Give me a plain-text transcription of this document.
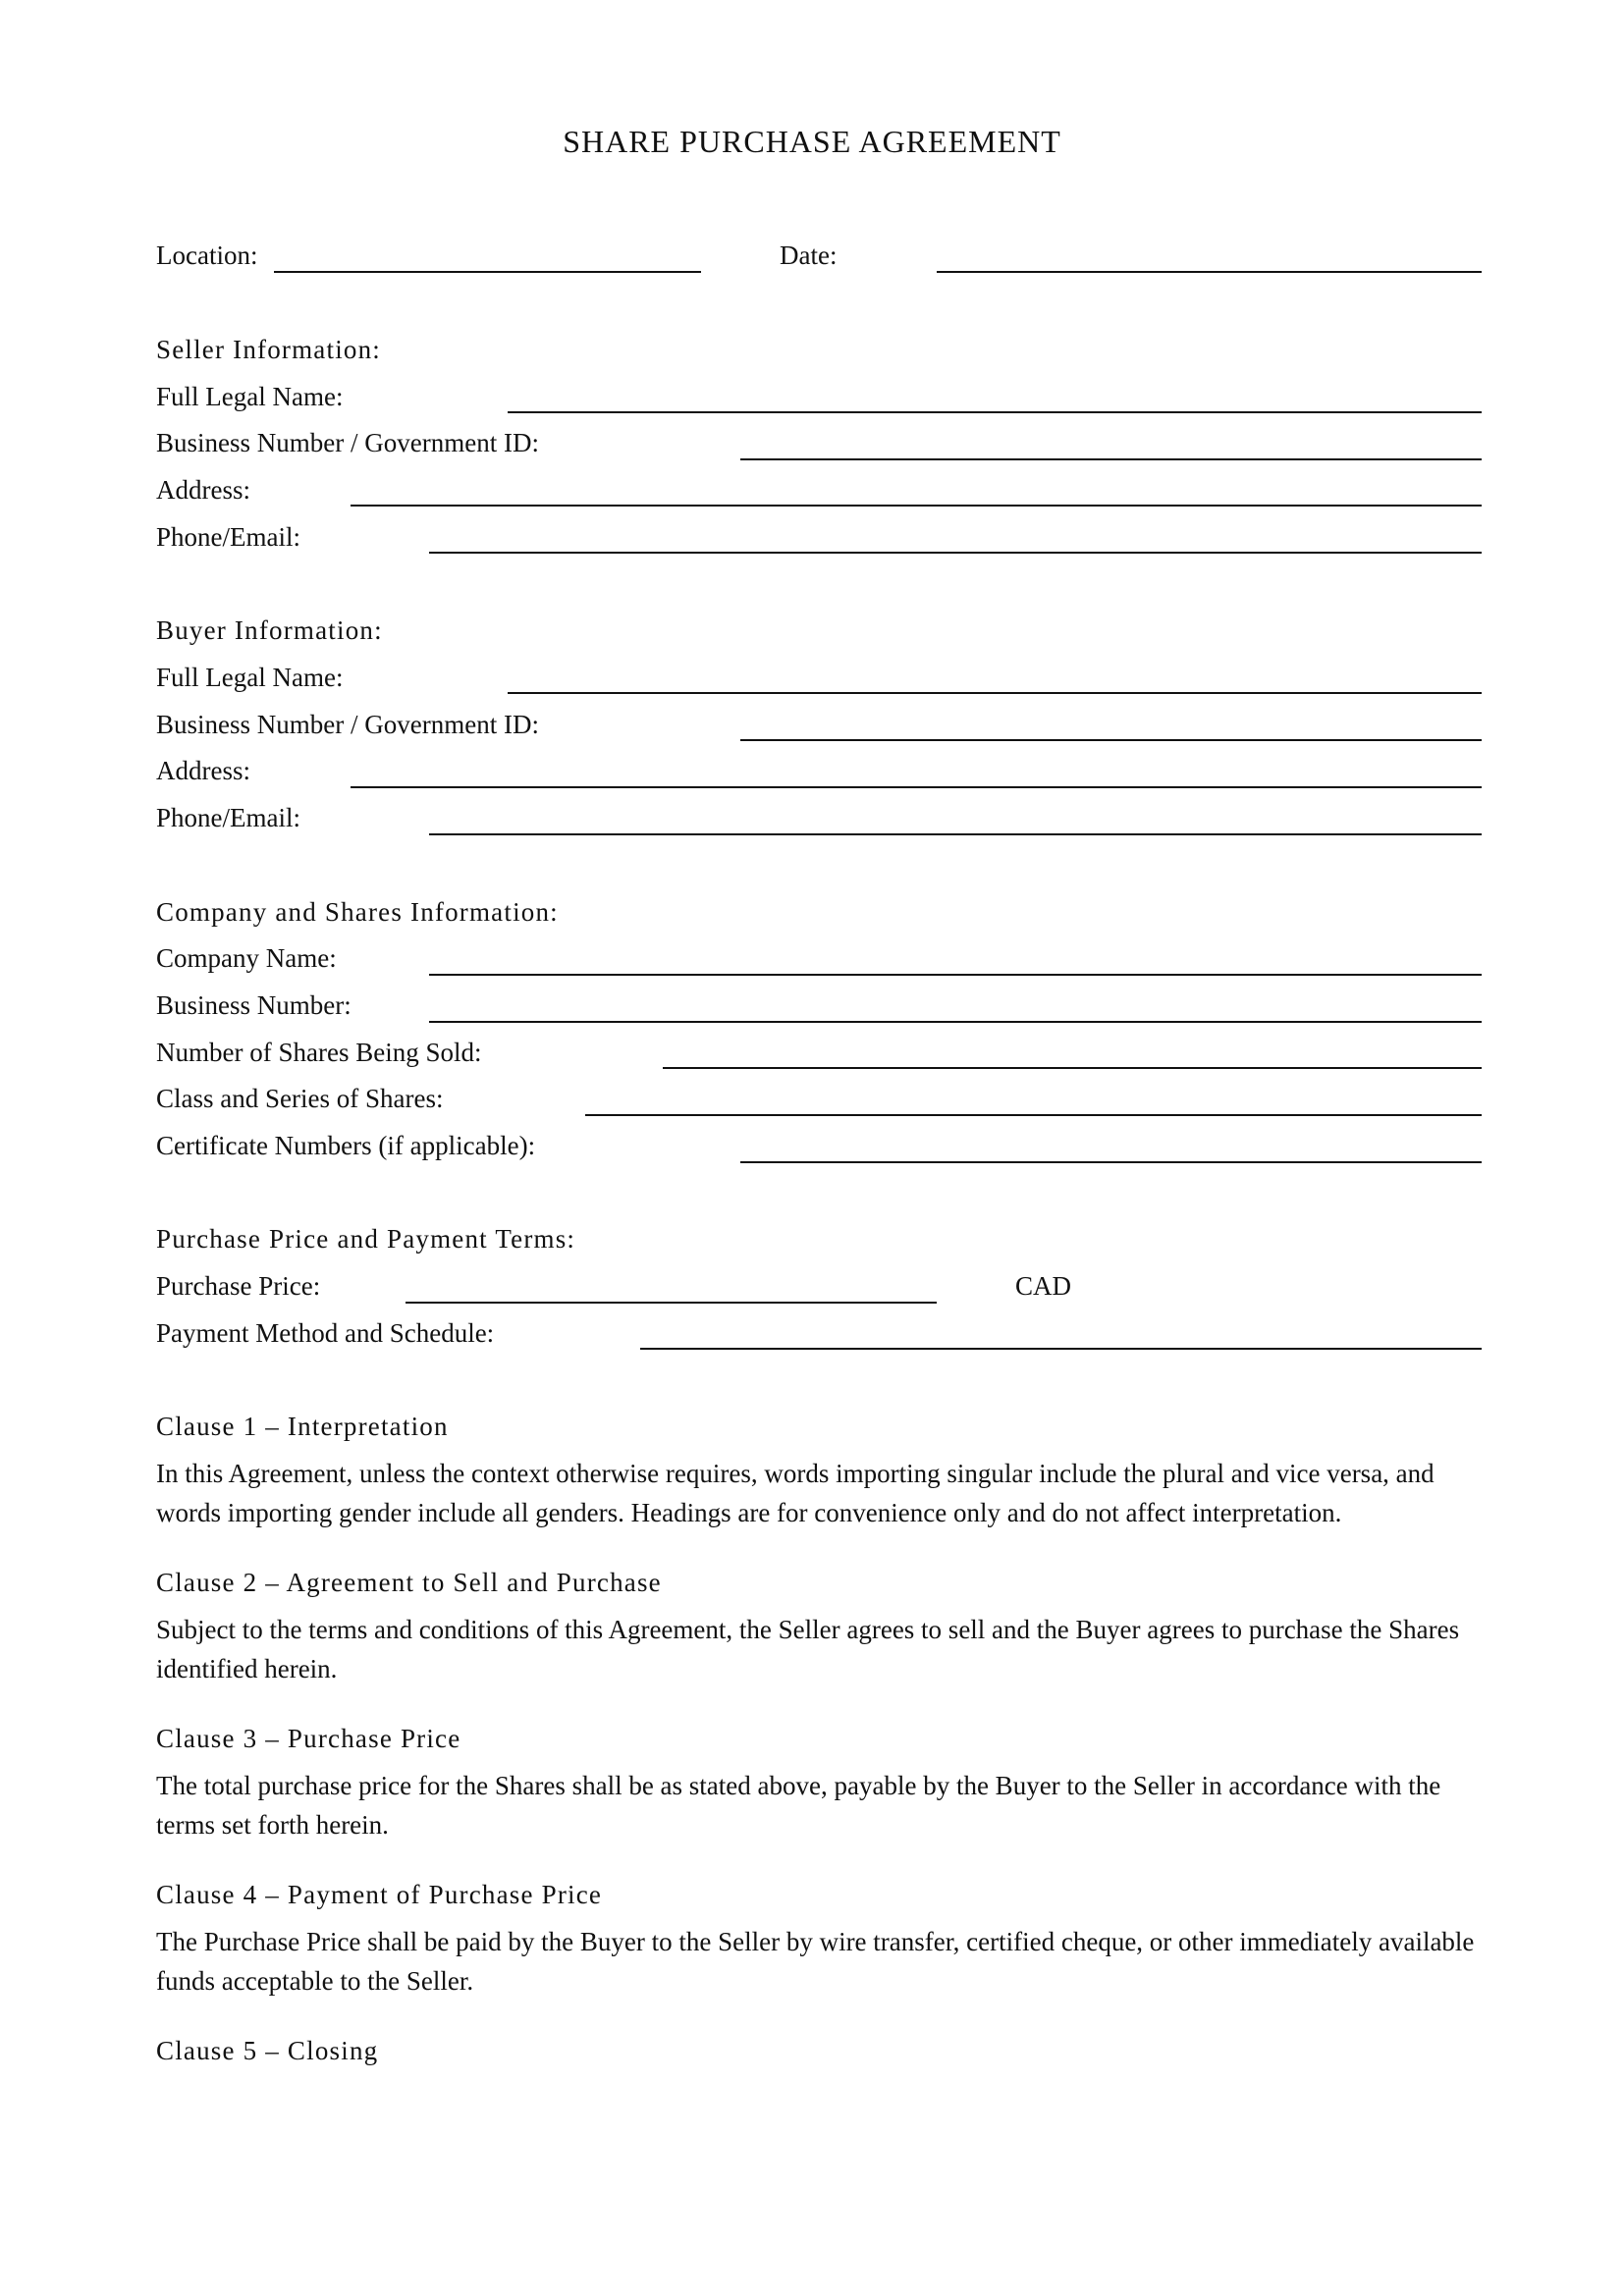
SHARE PURCHASE AGREEMENT
Location:	Date:
Seller Information:
Full Legal Name:
Business Number / Government ID:
Address:
Phone/Email:
Buyer Information:
Full Legal Name:
Business Number / Government ID:
Address:
Phone/Email:
Company and Shares Information:
Company Name:
Business Number:
Number of Shares Being Sold:
Class and Series of Shares:
Certificate Numbers (if applicable):
Purchase Price and Payment Terms:
Purchase Price:	CAD
Payment Method and Schedule:
Clause 1 – Interpretation
In this Agreement, unless the context otherwise requires, words importing singular include the plural and vice versa, and words importing gender include all genders. Headings are for convenience only and do not affect interpretation.
Clause 2 – Agreement to Sell and Purchase
Subject to the terms and conditions of this Agreement, the Seller agrees to sell and the Buyer agrees to purchase the Shares identified herein.
Clause 3 – Purchase Price
The total purchase price for the Shares shall be as stated above, payable by the Buyer to the Seller in accordance with the terms set forth herein.
Clause 4 – Payment of Purchase Price
The Purchase Price shall be paid by the Buyer to the Seller by wire transfer, certified cheque, or other immediately available funds acceptable to the Seller.
Clause 5 – Closing
